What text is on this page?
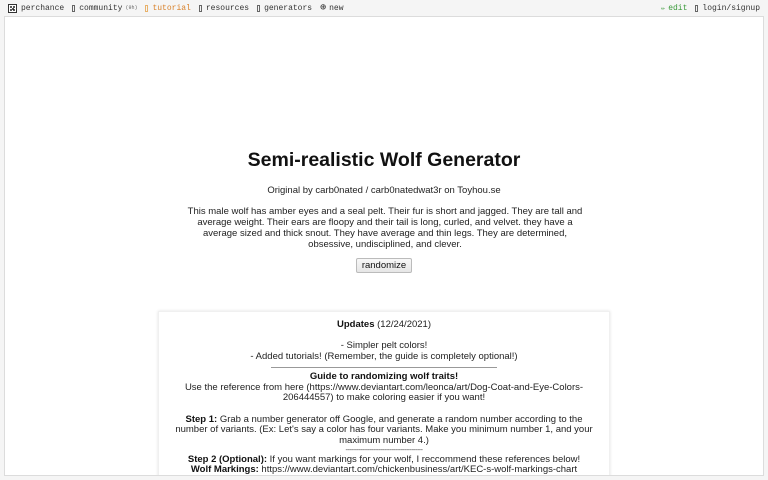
perchance community (9h) tutorial resources generators ⊕ new	✏ edit login/signup
Semi-realistic Wolf Generator
Original by carb0nated / carb0natedwat3r on Toyhou.se
This male wolf has amber eyes and a seal pelt. Their fur is short and jagged. They are tall and average weight. Their ears are floopy and their tail is long, curled, and velvet. they have a average sized and thick snout. They have average and thin legs. They are determined, obsessive, undisciplined, and clever.
randomize

Updates (12/24/2021)

- Simpler pelt colors!

- Added tutorials! (Remember, the guide is completely optional!)

Guide to randomizing wolf traits!

Use the reference from here (https://www.deviantart.com/leonca/art/Dog-Coat-and-Eye-Colors-206444557) to make coloring easier if you want!

Step 1: Grab a number generator off Google, and generate a random number according to the number of variants. (Ex: Let's say a color has four variants. Make you minimum number 1, and your maximum number 4.)

------------------------------------------

Step 2 (Optional): If you want markings for your wolf, I reccommend these references below!

Wolf Markings: https://www.deviantart.com/chickenbusiness/art/KEC-s-wolf-markings-chart
